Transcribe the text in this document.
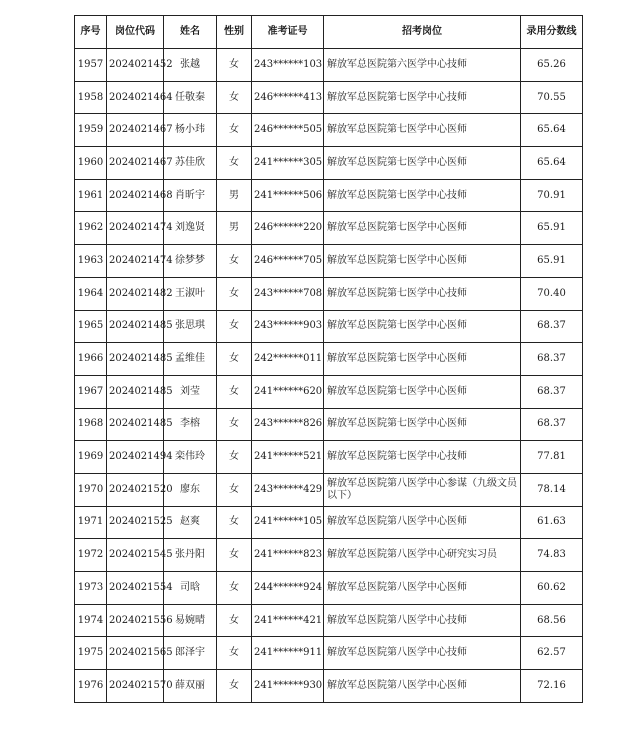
序号	岗位代码	姓名	性别	准考证号	招考岗位	录用分数线
1957	2024021452	张越	女	243******103	解放军总医院第六医学中心技师	65.26
1958	2024021464	任敬秦	女	246******413	解放军总医院第七医学中心技师	70.55
1959	2024021467	杨小玮	女	246******505	解放军总医院第七医学中心医师	65.64
1960	2024021467	苏佳欣	女	241******305	解放军总医院第七医学中心医师	65.64
1961	2024021468	肖昕宇	男	241******506	解放军总医院第七医学中心技师	70.91
1962	2024021474	刘逸贤	男	246******220	解放军总医院第七医学中心医师	65.91
1963	2024021474	徐梦梦	女	246******705	解放军总医院第七医学中心医师	65.91
1964	2024021482	王淑叶	女	243******708	解放军总医院第七医学中心技师	70.40
1965	2024021485	张思琪	女	243******903	解放军总医院第七医学中心医师	68.37
1966	2024021485	孟维佳	女	242******011	解放军总医院第七医学中心医师	68.37
1967	2024021485	刘莹	女	241******620	解放军总医院第七医学中心医师	68.37
1968	2024021485	李榕	女	243******826	解放军总医院第七医学中心医师	68.37
1969	2024021494	栾伟玲	女	241******521	解放军总医院第七医学中心技师	77.81
1970	2024021520	廖东	女	243******429	解放军总医院第八医学中心参谋（九级文员以下）	78.14
1971	2024021525	赵爽	女	241******105	解放军总医院第八医学中心医师	61.63
1972	2024021545	张丹阳	女	241******823	解放军总医院第八医学中心研究实习员	74.83
1973	2024021554	司晗	女	244******924	解放军总医院第八医学中心医师	60.62
1974	2024021556	易婉晴	女	241******421	解放军总医院第八医学中心技师	68.56
1975	2024021565	郎泽宇	女	241******911	解放军总医院第八医学中心技师	62.57
1976	2024021570	薛双丽	女	241******930	解放军总医院第八医学中心医师	72.16
